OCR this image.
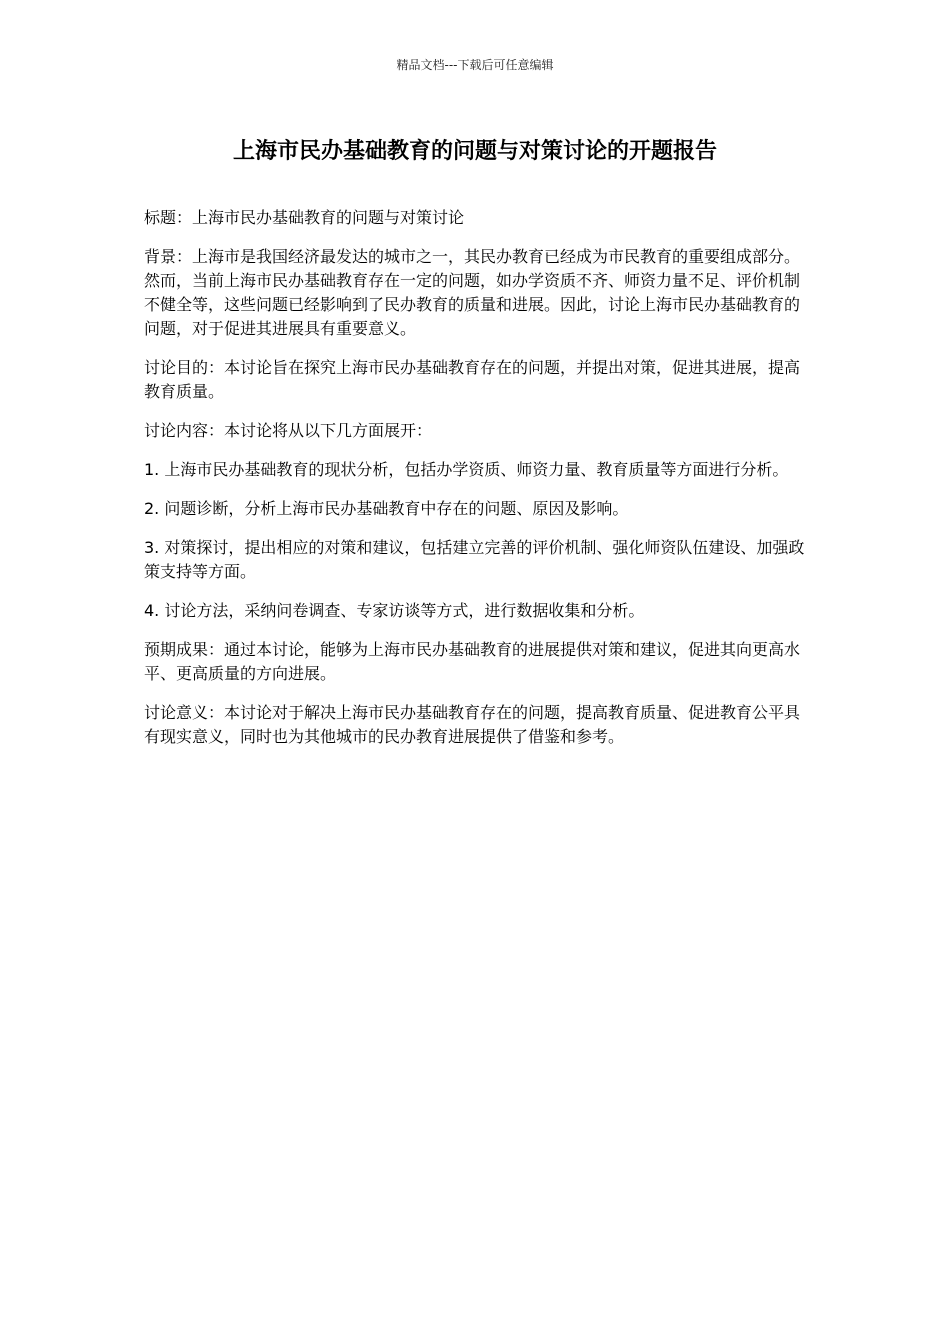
精品文档---下载后可任意编辑
上海市民办基础教育的问题与对策讨论的开题报告

标题：上海市民办基础教育的问题与对策讨论

背景：上海市是我国经济最发达的城市之一，其民办教育已经成为市民教育的重要组成部分。然而，当前上海市民办基础教育存在一定的问题，如办学资质不齐、师资力量不足、评价机制不健全等，这些问题已经影响到了民办教育的质量和进展。因此，讨论上海市民办基础教育的问题，对于促进其进展具有重要意义。

讨论目的：本讨论旨在探究上海市民办基础教育存在的问题，并提出对策，促进其进展，提高教育质量。

讨论内容：本讨论将从以下几方面展开：

1. 上海市民办基础教育的现状分析，包括办学资质、师资力量、教育质量等方面进行分析。

2. 问题诊断，分析上海市民办基础教育中存在的问题、原因及影响。

3. 对策探讨，提出相应的对策和建议，包括建立完善的评价机制、强化师资队伍建设、加强政策支持等方面。

4. 讨论方法，采纳问卷调查、专家访谈等方式，进行数据收集和分析。

预期成果：通过本讨论，能够为上海市民办基础教育的进展提供对策和建议，促进其向更高水平、更高质量的方向进展。

讨论意义：本讨论对于解决上海市民办基础教育存在的问题，提高教育质量、促进教育公平具有现实意义，同时也为其他城市的民办教育进展提供了借鉴和参考。
